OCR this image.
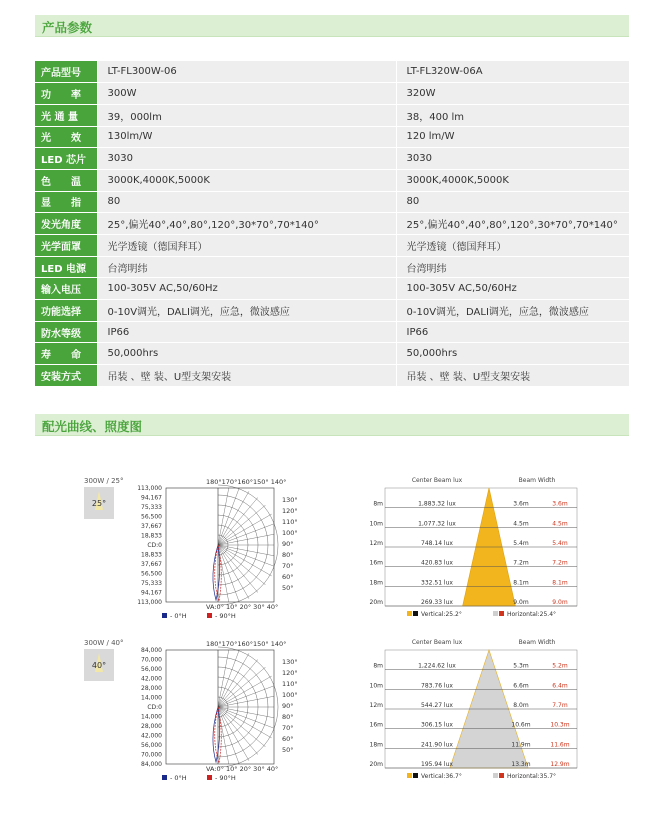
产品参数
产品型号	LT-FL300W-06	LT-FL320W-06A
功　　率	300W	320W
光 通 量	39，000lm	38，400 lm
光　　效	130lm/W	120 lm/W
LED 芯片	3030	3030
色　　温	3000K,4000K,5000K	3000K,4000K,5000K
显　　指	80	80
发光角度	25°,偏光40°,40°,80°,120°,30*70°,70*140°	25°,偏光40°,40°,80°,120°,30*70°,70*140°
光学面罩	光学透镜（德国拜耳）	光学透镜（德国拜耳）
LED 电源	台湾明纬	台湾明纬
输入电压	100-305V AC,50/60Hz	100-305V AC,50/60Hz
功能选择	0-10V调光，DALI调光，应急，微波感应	0-10V调光，DALI调光，应急，微波感应
防水等级	IP66	IP66
寿　　命	50,000hrs	50,000hrs
安装方式	吊装 、壁 装、U型支架安装	吊装 、壁 装、U型支架安装
配光曲线、照度图
300W / 25°
25°
113,000
94,167
75,333
56,500
37,667
18,833
CD:0
18,833
37,667
56,500
75,333
94,167
113,000
180°170°160°150° 140°
130°
120°
110°
100°
90°
80°
70°
60°
50°
VA:0° 10° 20° 30° 40°
- 0°H	- 90°H
300W / 40°
40°
84,000
70,000
56,000
42,000
28,000
14,000
CD:0
14,000
28,000
42,000
56,000
70,000
84,000
180°170°160°150° 140°
130°
120°
110°
100°
90°
80°
70°
60°
50°
VA:0° 10° 20° 30° 40°
- 0°H	- 90°H
Center Beam lux	Beam Width
8m	1,883.32 lux	3.6m	3.6m
10m	1,077.32 lux	4.5m	4.5m
12m	748.14 lux	5.4m	5.4m
16m	420.83 lux	7.2m	7.2m
18m	332.51 lux	8.1m	8.1m
20m	269.33 lux	9.0m	9.0m
Vertical:25.2°	Horizontal:25.4°
Center Beam lux	Beam Width
8m	1,224.62 lux	5.3m	5.2m
10m	783.76 lux	6.6m	6.4m
12m	544.27 lux	8.0m	7.7m
16m	306.15 lux	10.6m	10.3m
18m	241.90 lux	11.9m	11.6m
20m	195.94 lux	13.3m	12.9m
Vertical:36.7°	Horizontal:35.7°
